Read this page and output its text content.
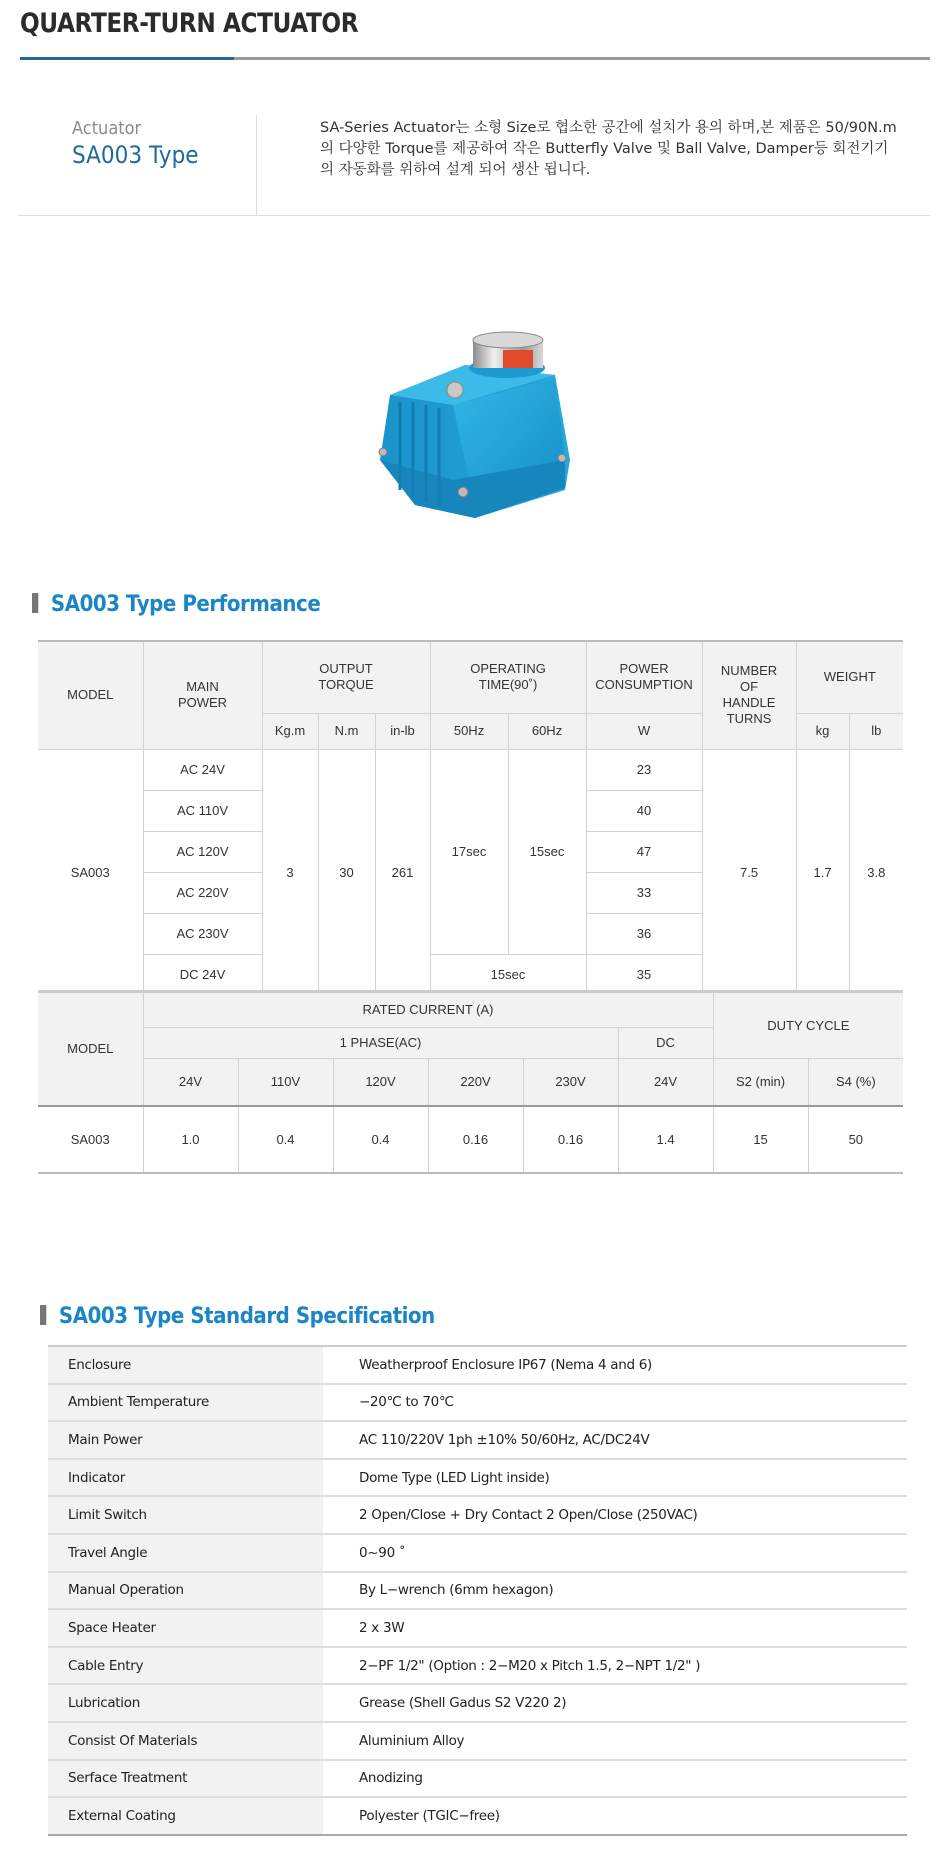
QUARTER-TURN ACTUATOR
Actuator
SA003 Type

SA-Series Actuator는 소형 Size로 협소한 공간에 설치가 용의 하며,본 제품은 50/90N.m의 다양한 Torque를 제공하여 작은 Butterfly Valve 및 Ball Valve, Damper등 회전기기의 자동화를 위하여 설계 되어 생산 됩니다.

SA003 Type Performance
MODEL	MAIN POWER	OUTPUT TORQUE			OPERATING TIME(90˚)		POWER CONSUMPTION	NUMBER OF HANDLE TURNS	WEIGHT	
		Kg.m	N.m	in-lb	50Hz	60Hz	W		kg	lb
SA003	AC 24V	3	30	261	17sec	15sec	23	7.5	1.7	3.8
	AC 110V						40			
	AC 120V						47			
	AC 220V						33			
	AC 230V						36			
	DC 24V				15sec		35			
MODEL	RATED CURRENT (A)						DUTY CYCLE	
	1 PHASE(AC)					DC		
	24V	110V	120V	220V	230V	24V	S2 (min)	S4 (%)
SA003	1.0	0.4	0.4	0.16	0.16	1.4	15	50
SA003 Type Standard Specification
Enclosure	Weatherproof Enclosure IP67 (Nema 4 and 6)
Ambient Temperature	−20℃ to 70℃
Main Power	AC 110/220V 1ph ±10% 50/60Hz, AC/DC24V
Indicator	Dome Type (LED Light inside)
Limit Switch	2 Open/Close + Dry Contact 2 Open/Close (250VAC)
Travel Angle	0~90 ˚
Manual Operation	By L−wrench (6mm hexagon)
Space Heater	2 x 3W
Cable Entry	2−PF 1/2" (Option : 2−M20 x Pitch 1.5, 2−NPT 1/2" )
Lubrication	Grease (Shell Gadus S2 V220 2)
Consist Of Materials	Aluminium Alloy
Serface Treatment	Anodizing
External Coating	Polyester (TGIC−free)
